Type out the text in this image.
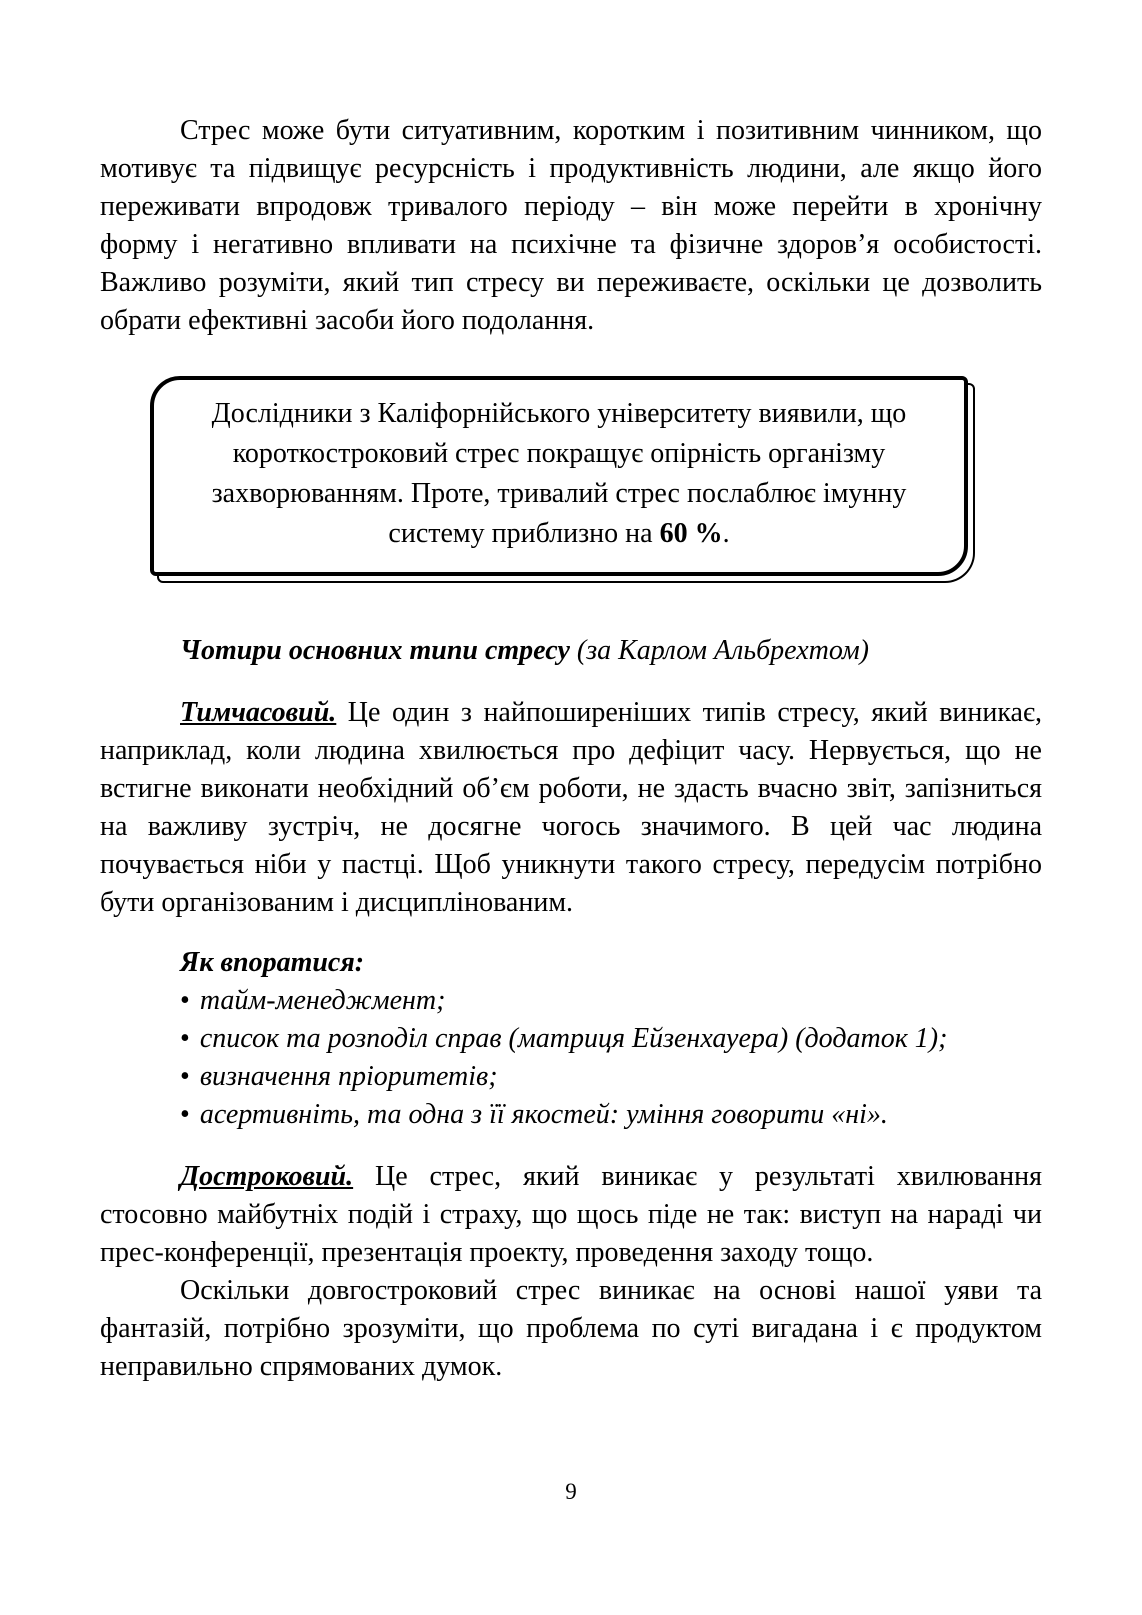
Стрес може бути ситуативним, коротким і позитивним чинником, що мотивує та підвищує ресурсність і продуктивність людини, але якщо його переживати впродовж тривалого періоду – він може перейти в хронічну форму і негативно впливати на психічне та фізичне здоров’я особистості. Важливо розуміти, який тип стресу ви переживаєте, оскільки це дозволить обрати ефективні засоби його подолання.

Дослідники з Каліфорнійського університету виявили, що короткостроковий стрес покращує опірність організму захворюванням. Проте, тривалий стрес послаблює імунну систему приблизно на 60 %.

Чотири основних типи стресу (за Карлом Альбрехтом)

Тимчасовий. Це один з найпоширеніших типів стресу, який виникає, наприклад, коли людина хвилюється про дефіцит часу. Нервується, що не встигне виконати необхідний об’єм роботи, не здасть вчасно звіт, запізниться на важливу зустріч, не досягне чогось значимого. В цей час людина почувається ніби у пастці. Щоб уникнути такого стресу, передусім потрібно бути організованим і дисциплінованим.

Як впоратися:

• тайм-менеджмент;

• список та розподіл справ (матриця Ейзенхауера) (додаток 1);

• визначення пріоритетів;

• асертивніть, та одна з її якостей: уміння говорити «ні».

Достроковий. Це стрес, який виникає у результаті хвилювання стосовно майбутніх подій і страху, що щось піде не так: виступ на нараді чи прес-конференції, презентація проекту, проведення заходу тощо.

Оскільки довгостроковий стрес виникає на основі нашої уяви та фантазій, потрібно зрозуміти, що проблема по суті вигадана і є продуктом неправильно спрямованих думок.

9
